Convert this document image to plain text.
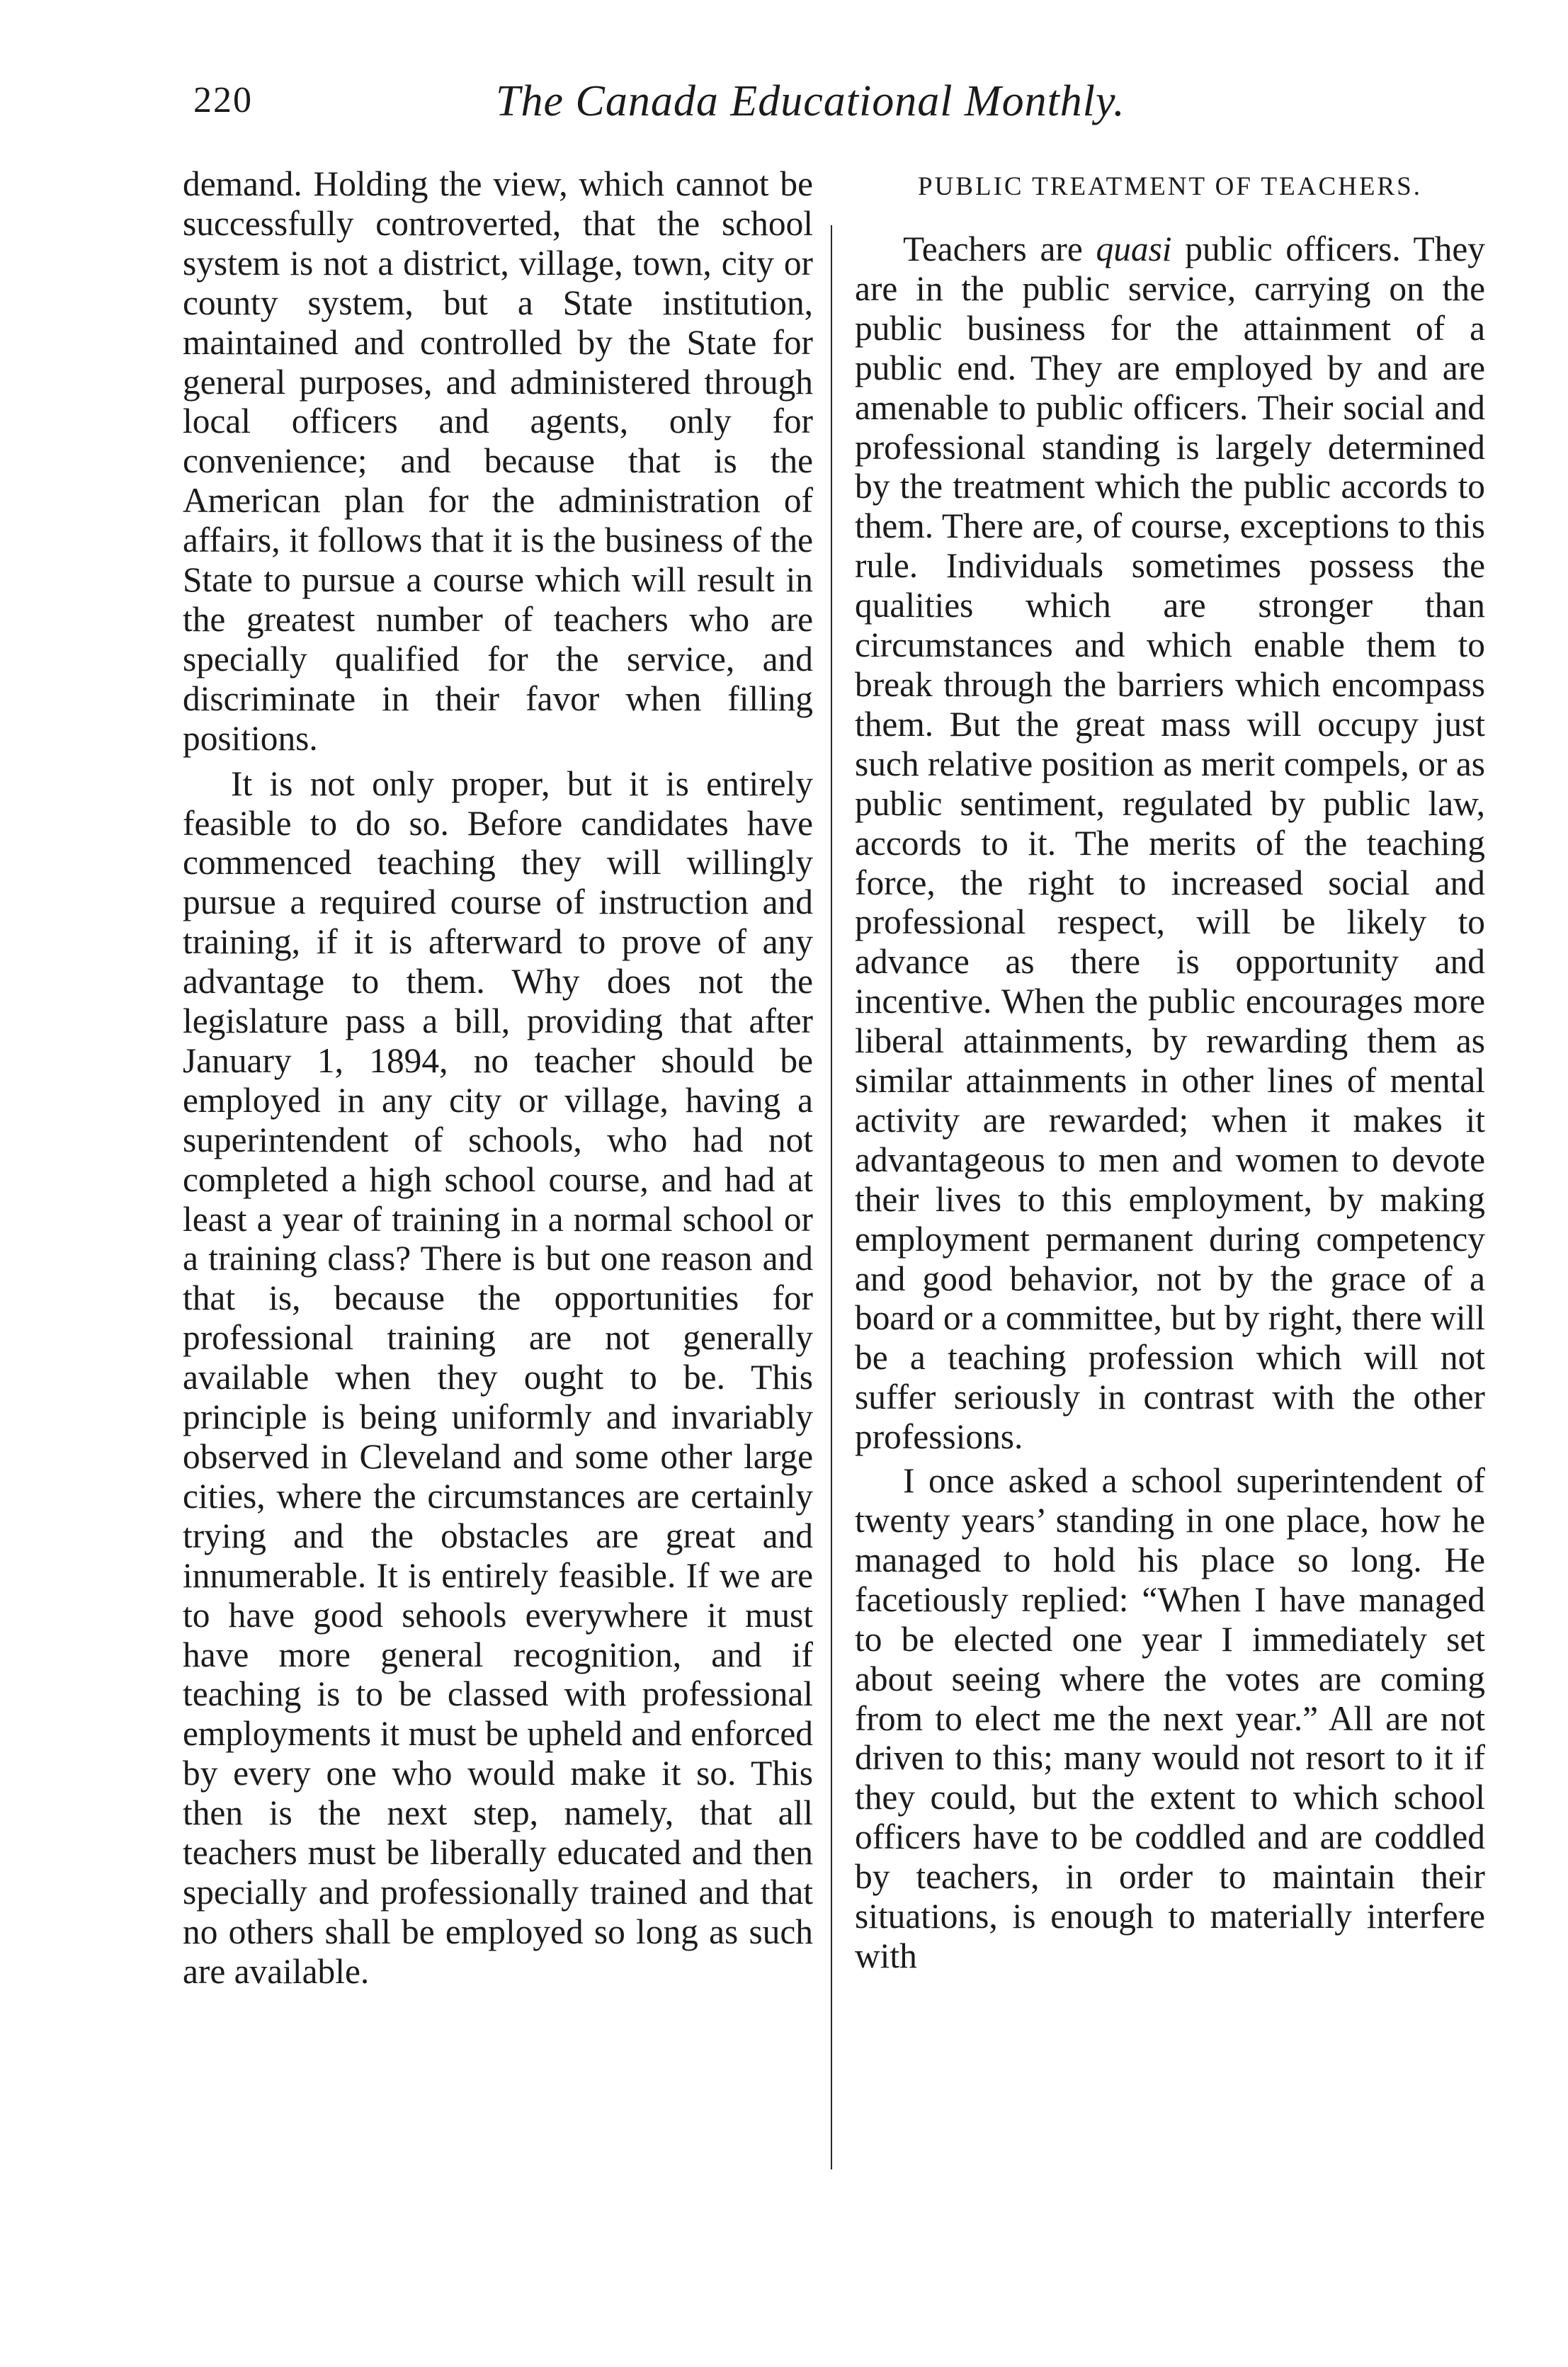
220	The Canada Educational Monthly.

demand. Holding the view, which cannot be successfully controverted, that the school system is not a district, village, town, city or county system, but a State institution, maintained and controlled by the State for general purposes, and administered through local officers and agents, only for convenience; and because that is the American plan for the administration of affairs, it follows that it is the business of the State to pursue a course which will result in the greatest number of teachers who are specially qualified for the service, and discriminate in their favor when filling positions.

It is not only proper, but it is entirely feasible to do so. Before candidates have commenced teaching they will willingly pursue a required course of instruction and training, if it is afterward to prove of any advantage to them. Why does not the legislature pass a bill, providing that after January 1, 1894, no teacher should be employed in any city or village, having a superintendent of schools, who had not completed a high school course, and had at least a year of training in a normal school or a training class? There is but one reason and that is, because the opportunities for professional training are not generally available when they ought to be. This principle is being uniformly and invariably observed in Cleveland and some other large cities, where the circumstances are certainly trying and the obstacles are great and innumerable. It is entirely feasible. If we are to have good sehools everywhere it must have more general recognition, and if teaching is to be classed with professional employments it must be upheld and enforced by every one who would make it so. This then is the next step, namely, that all teachers must be liberally educated and then specially and professionally trained and that no others shall be employed so long as such are available.

PUBLIC TREATMENT OF TEACHERS.

Teachers are quasi public officers. They are in the public service, carrying on the public business for the attainment of a public end. They are employed by and are amenable to public officers. Their social and professional standing is largely determined by the treatment which the public accords to them. There are, of course, exceptions to this rule. Individuals sometimes possess the qualities which are stronger than circumstances and which enable them to break through the barriers which encompass them. But the great mass will occupy just such relative position as merit compels, or as public sentiment, regulated by public law, accords to it. The merits of the teaching force, the right to increased social and professional respect, will be likely to advance as there is opportunity and incentive. When the public encourages more liberal attainments, by rewarding them as similar attainments in other lines of mental activity are rewarded; when it makes it advantageous to men and women to devote their lives to this employment, by making employment permanent during competency and good behavior, not by the grace of a board or a committee, but by right, there will be a teaching profession which will not suffer seriously in contrast with the other professions.

I once asked a school superintendent of twenty years’ standing in one place, how he managed to hold his place so long. He facetiously replied: “When I have managed to be elected one year I immediately set about seeing where the votes are coming from to elect me the next year.” All are not driven to this; many would not resort to it if they could, but the extent to which school officers have to be coddled and are coddled by teachers, in order to maintain their situations, is enough to materially interfere with
